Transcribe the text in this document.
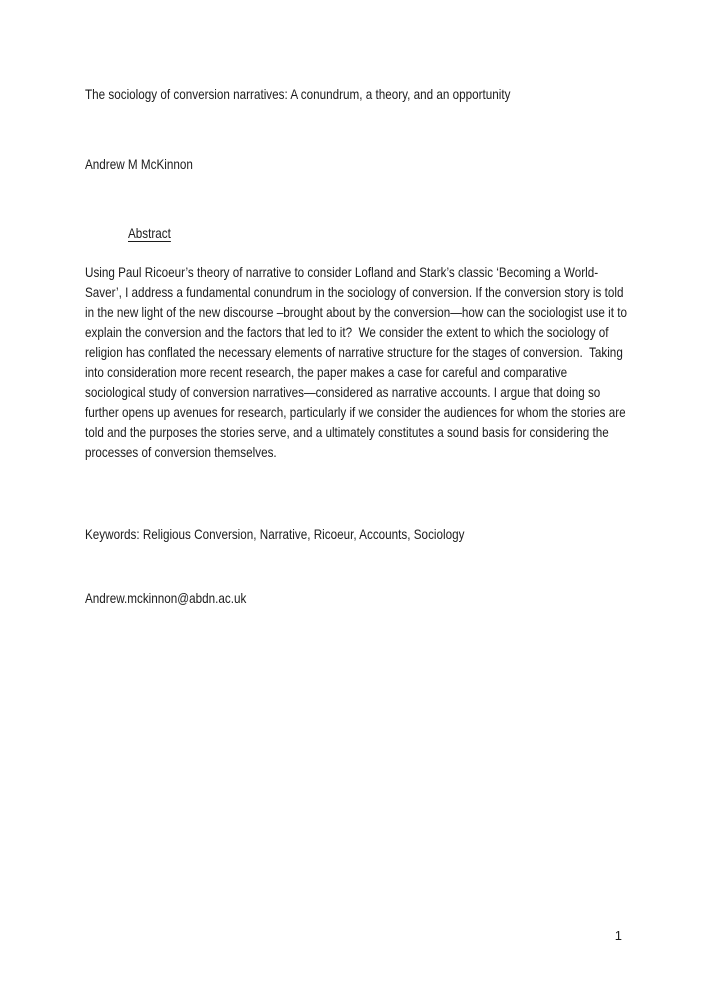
The sociology of conversion narratives: A conundrum, a theory, and an opportunity
Andrew M McKinnon
Abstract
Using Paul Ricoeur’s theory of narrative to consider Lofland and Stark’s classic ‘Becoming a World-Saver’, I address a fundamental conundrum in the sociology of conversion. If the conversion story is told in the new light of the new discourse –brought about by the conversion—how can the sociologist use it to explain the conversion and the factors that led to it?  We consider the extent to which the sociology of religion has conflated the necessary elements of narrative structure for the stages of conversion.  Taking into consideration more recent research, the paper makes a case for careful and comparative sociological study of conversion narratives—considered as narrative accounts. I argue that doing so further opens up avenues for research, particularly if we consider the audiences for whom the stories are told and the purposes the stories serve, and a ultimately constitutes a sound basis for considering the processes of conversion themselves.
Keywords: Religious Conversion, Narrative, Ricoeur, Accounts, Sociology
Andrew.mckinnon@abdn.ac.uk
1
